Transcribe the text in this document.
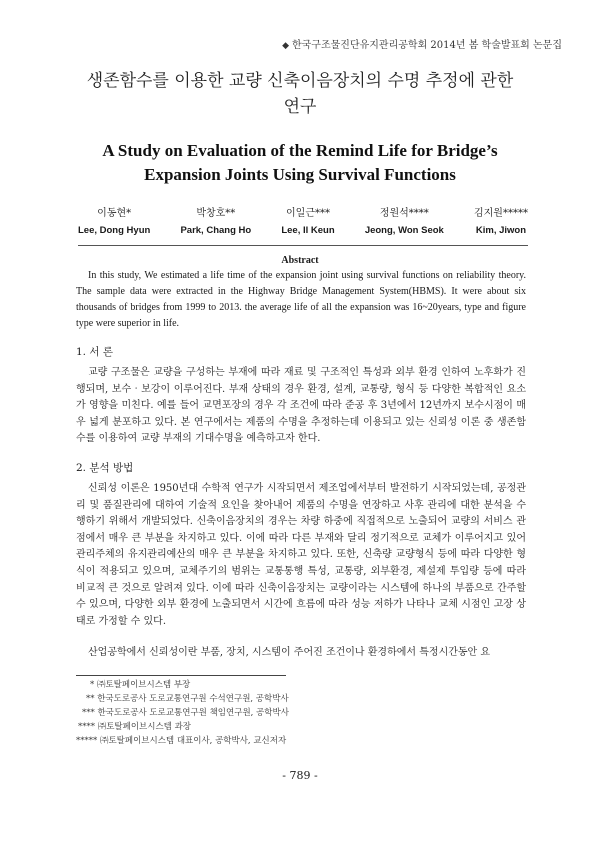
◆ 한국구조물진단유지관리공학회 2014년 봄 학술발표회 논문집
생존함수를 이용한 교량 신축이음장치의 수명 추정에 관한
연구
A Study on Evaluation of the Remind Life for Bridge’s
Expansion Joints Using Survival Functions
이동현*
Lee, Dong Hyun
박창호**
Park, Chang Ho
이일근***
Lee, Il Keun
정원석****
Jeong, Won Seok
김지원*****
Kim, Jiwon
Abstract

In this study, We estimated a life time of the expansion joint using survival functions on reliability theory. The sample data were extracted in the Highway Bridge Management System(HBMS). It were about six thousands of bridges from 1999 to 2013. the average life of all the expansion was 16~20years, type and figure type were superior in life.

1. 서 론

교량 구조물은 교량을 구성하는 부재에 따라 재료 및 구조적인 특성과 외부 환경 인하여 노후화가 진행되며, 보수‧보강이 이루어진다. 부재 상태의 경우 환경, 설계, 교통량, 형식 등 다양한 복합적인 요소가 영향을 미친다. 예를 들어 교면포장의 경우 각 조건에 따라 준공 후 3년에서 12년까지 보수시점이 매우 넓게 분포하고 있다. 본 연구에서는 제품의 수명을 추정하는데 이용되고 있는 신뢰성 이론 중 생존함수를 이용하여 교량 부재의 기대수명을 예측하고자 한다.

2. 분석 방법

신뢰성 이론은 1950년대 수학적 연구가 시작되면서 제조업에서부터 발전하기 시작되었는데, 공정관리 및 품질관리에 대하여 기술적 요인을 찾아내어 제품의 수명을 연장하고 사후 관리에 대한 분석을 수행하기 위해서 개발되었다. 신축이음장치의 경우는 차량 하중에 직접적으로 노출되어 교량의 서비스 관점에서 매우 큰 부분을 차지하고 있다. 이에 따라 다른 부재와 달리 정기적으로 교체가 이루어지고 있어 관리주체의 유지관리예산의 매우 큰 부분을 차지하고 있다. 또한, 신축량 교량형식 등에 따라 다양한 형식이 적용되고 있으며, 교체주기의 범위는 교통통행 특성, 교통량, 외부환경, 제설제 투입량 등에 따라 비교적 큰 것으로 알려져 있다. 이에 따라 신축이음장치는 교량이라는 시스템에 하나의 부품으로 간주할 수 있으며, 다양한 외부 환경에 노출되면서 시간에 흐름에 따라 성능 저하가 나타나 교체 시점인 고장 상태로 가정할 수 있다.

산업공학에서 신뢰성이란 부품, 장치, 시스템이 주어진 조건이나 환경하에서 특정시간동안 요

* ㈜토탈페이브시스템 부장
** 한국도로공사 도로교통연구원 수석연구원, 공학박사
*** 한국도로공사 도로교통연구원 책임연구원, 공학박사
**** ㈜토탈페이브시스템 과장
***** ㈜토탈페이브시스템 대표이사, 공학박사, 교신저자
- 789 -
